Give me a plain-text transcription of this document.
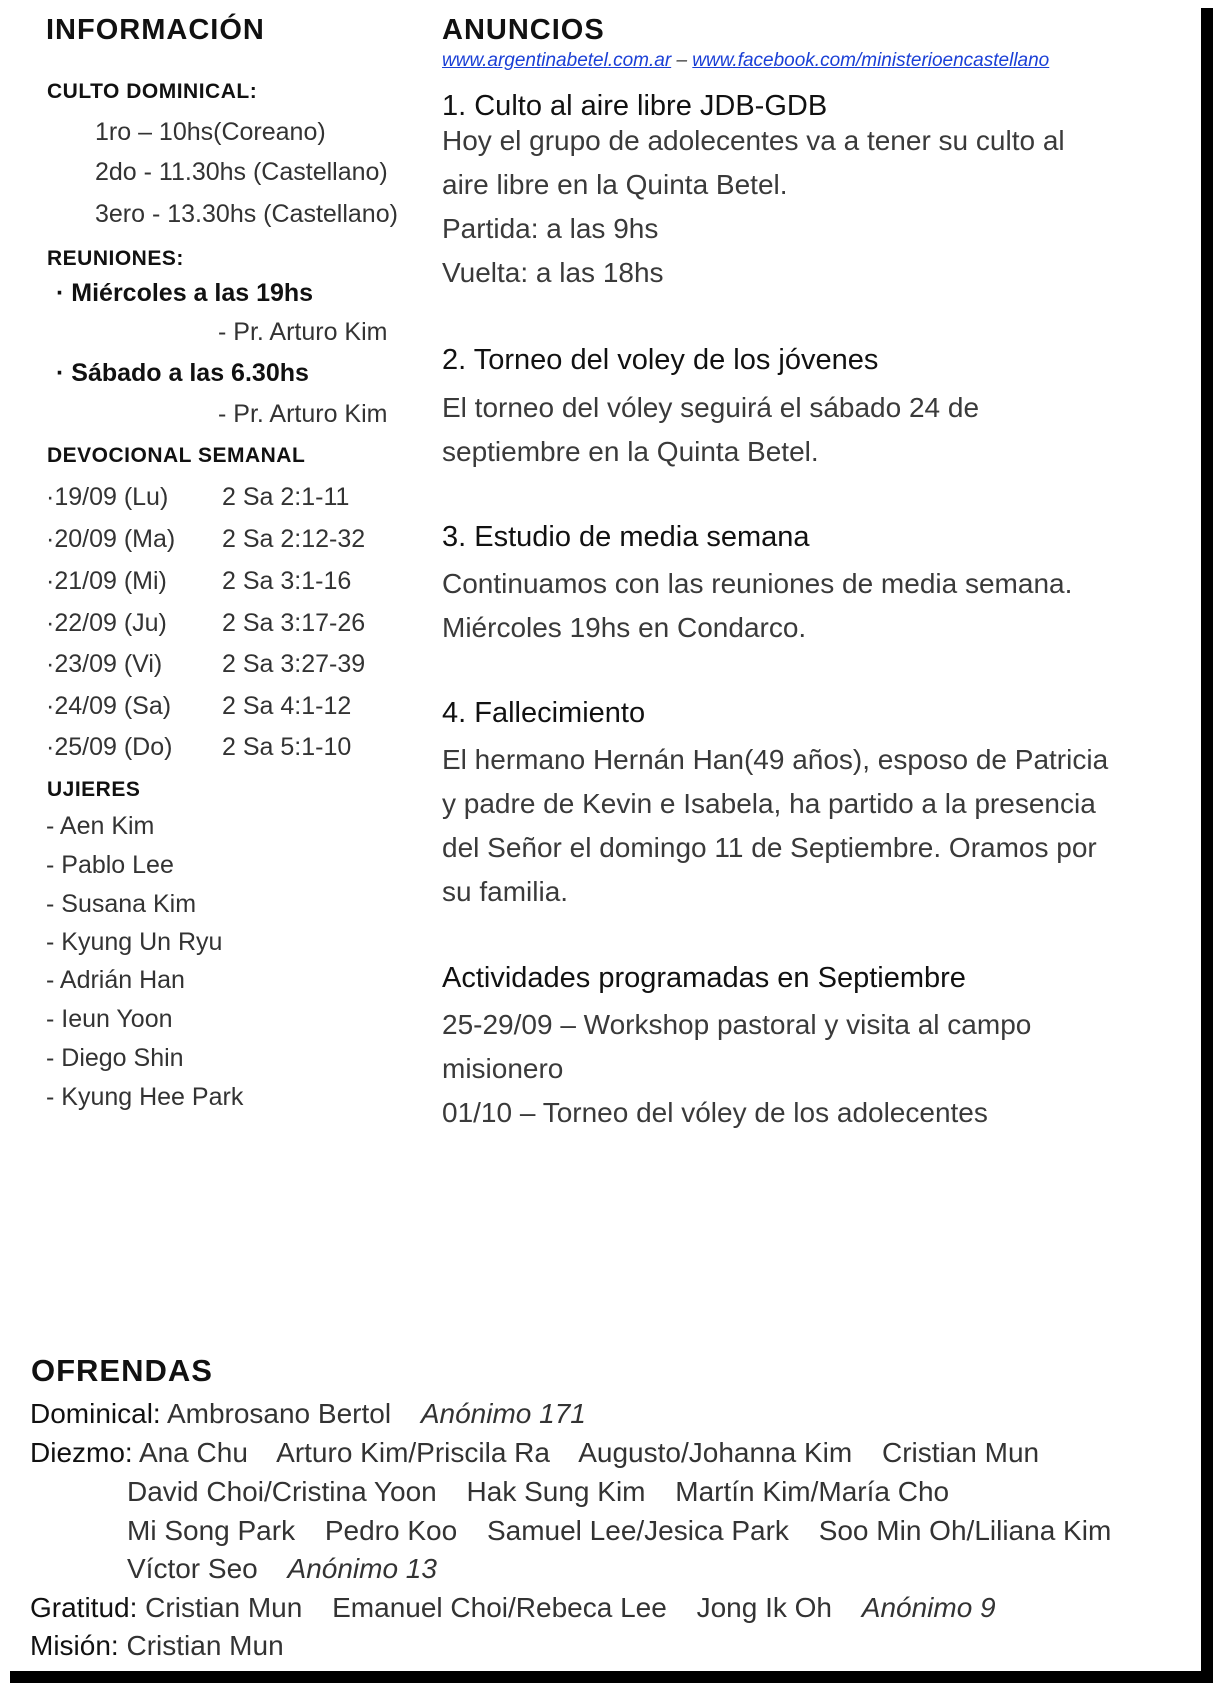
INFORMACIÓN
CULTO DOMINICAL:
1ro – 10hs(Coreano)
2do - 11.30hs (Castellano)
3ero - 13.30hs (Castellano)
REUNIONES:
· Miércoles a las 19hs
- Pr. Arturo Kim
· Sábado a las 6.30hs
- Pr. Arturo Kim
DEVOCIONAL SEMANAL
·19/09 (Lu) 2 Sa 2:1-11
·20/09 (Ma) 2 Sa 2:12-32
·21/09 (Mi) 2 Sa 3:1-16
·22/09 (Ju) 2 Sa 3:17-26
·23/09 (Vi) 2 Sa 3:27-39
·24/09 (Sa) 2 Sa 4:1-12
·25/09 (Do) 2 Sa 5:1-10
UJIERES
- Aen Kim
- Pablo Lee
- Susana Kim
- Kyung Un Ryu
- Adrián Han
- Ieun Yoon
- Diego Shin
- Kyung Hee Park
ANUNCIOS
www.argentinabetel.com.ar – www.facebook.com/ministerioencastellano
1. Culto al aire libre JDB-GDB
Hoy el grupo de adolecentes va a tener su culto al
aire libre en la Quinta Betel.
Partida: a las 9hs
Vuelta: a las 18hs
2. Torneo del voley de los jóvenes
El torneo del vóley seguirá el sábado 24 de
septiembre en la Quinta Betel.
3. Estudio de media semana
Continuamos con las reuniones de media semana.
Miércoles 19hs en Condarco.
4. Fallecimiento
El hermano Hernán Han(49 años), esposo de Patricia
y padre de Kevin e Isabela, ha partido a la presencia
del Señor el domingo 11 de Septiembre. Oramos por
su familia.
Actividades programadas en Septiembre
25-29/09 – Workshop pastoral y visita al campo
misionero
01/10 – Torneo del vóley de los adolecentes
OFRENDAS
Dominical: Ambrosano Bertol Anónimo 171
Diezmo: Ana Chu Arturo Kim/Priscila Ra Augusto/Johanna Kim Cristian Mun
David Choi/Cristina Yoon Hak Sung Kim Martín Kim/María Cho
Mi Song Park Pedro Koo Samuel Lee/Jesica Park Soo Min Oh/Liliana Kim
Víctor Seo Anónimo 13
Gratitud: Cristian Mun Emanuel Choi/Rebeca Lee Jong Ik Oh Anónimo 9
Misión: Cristian Mun
